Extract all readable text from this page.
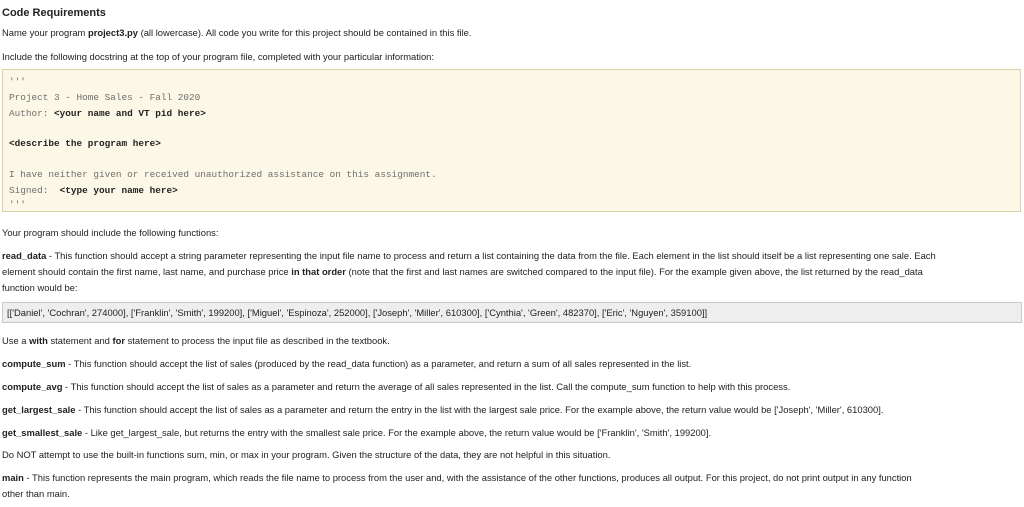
Code Requirements

Name your program project3.py (all lowercase). All code you write for this project should be contained in this file.

Include the following docstring at the top of your program file, completed with your particular information:

'''
Project 3 - Home Sales - Fall 2020
Author: <your name and VT pid here>
<describe the program here>
I have neither given or received unauthorized assistance on this assignment.
Signed: <type your name here>
'''

Your program should include the following functions:

read_data - This function should accept a string parameter representing the input file name to process and return a list containing the data from the file. Each element in the list should itself be a list representing one sale. Each

element should contain the first name, last name, and purchase price in that order (note that the first and last names are switched compared to the input file). For the example given above, the list returned by the read_data

function would be:

[['Daniel', 'Cochran', 274000], ['Franklin', 'Smith', 199200], ['Miguel', 'Espinoza', 252000], ['Joseph', 'Miller', 610300], ['Cynthia', 'Green', 482370], ['Eric', 'Nguyen', 359100]]

Use a with statement and for statement to process the input file as described in the textbook.

compute_sum - This function should accept the list of sales (produced by the read_data function) as a parameter, and return a sum of all sales represented in the list.

compute_avg - This function should accept the list of sales as a parameter and return the average of all sales represented in the list. Call the compute_sum function to help with this process.

get_largest_sale - This function should accept the list of sales as a parameter and return the entry in the list with the largest sale price. For the example above, the return value would be ['Joseph', 'Miller', 610300].

get_smallest_sale - Like get_largest_sale, but returns the entry with the smallest sale price. For the example above, the return value would be ['Franklin', 'Smith', 199200].

Do NOT attempt to use the built-in functions sum, min, or max in your program. Given the structure of the data, they are not helpful in this situation.

main - This function represents the main program, which reads the file name to process from the user and, with the assistance of the other functions, produces all output. For this project, do not print output in any function

other than main.
